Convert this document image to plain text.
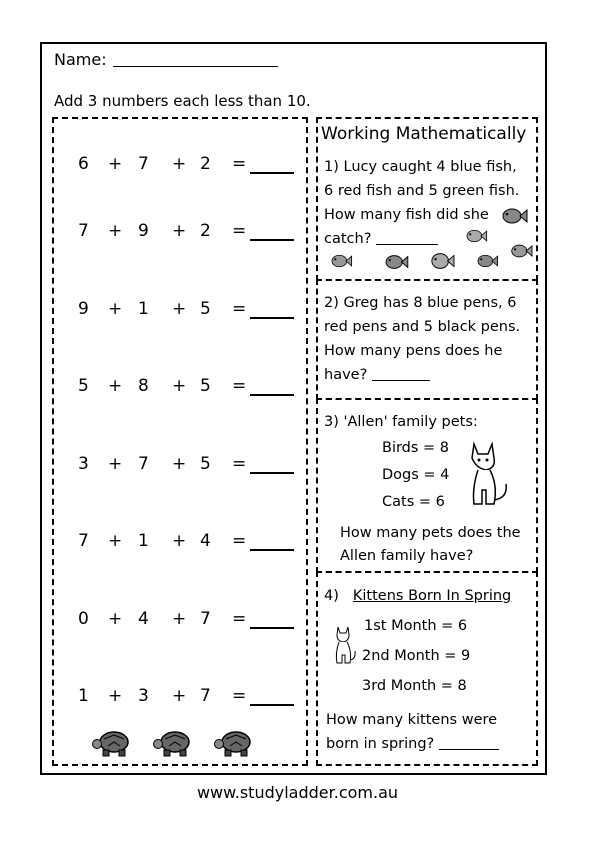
Name:
Add 3 numbers each less than 10.
6 + 7 + 2 =
7 + 9 + 2 =
9 + 1 + 5 =
5 + 8 + 5 =
3 + 7 + 5 =
7 + 1 + 4 =
0 + 4 + 7 =
1 + 3 + 7 =
Working Mathematically
1) Lucy caught 4 blue fish,
6 red fish and 5 green fish.
How many fish did she
catch?
2) Greg has 8 blue pens, 6
red pens and 5 black pens.
How many pens does he
have?
3) 'Allen' family pets:
Birds = 8
Dogs = 4
Cats = 6
How many pets does the
Allen family have?
4) Kittens Born In Spring
1st Month = 6
2nd Month = 9
3rd Month = 8
How many kittens were
born in spring?
www.studyladder.com.au
